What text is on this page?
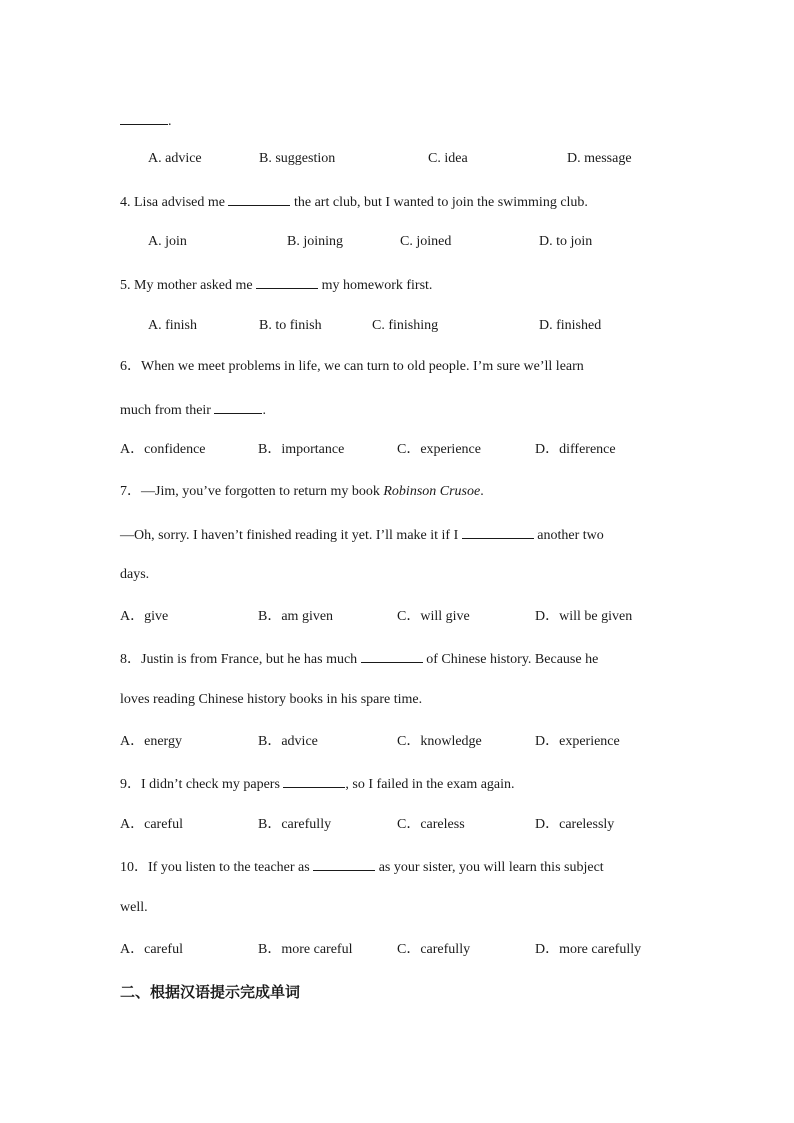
.
A. advice	B. suggestion	C. idea	D. message
4. Lisa advised me	the art club, but I wanted to join the swimming club.
A. join	B. joining	C. joined	D. to join
5. My mother asked me	my homework first.
A. finish	B. to finish	C. finishing	D. finished
6．When we meet problems in life, we can turn to old people. I’m sure we’ll learn
much from their	.
A．confidence	B．importance	C．experience	D．difference
7．—Jim, you’ve forgotten to return my book Robinson Crusoe.
—Oh, sorry. I haven’t finished reading it yet. I’ll make it if I	another two
days.
A．give	B．am given	C．will give	D．will be given
8．Justin is from France, but he has much	of Chinese history. Because he
loves reading Chinese history books in his spare time.
A．energy	B．advice	C．knowledge	D．experience
9．I didn’t check my papers	, so I failed in the exam again.
A．careful	B．carefully	C．careless	D．carelessly
10．If you listen to the teacher as	as your sister, you will learn this subject
well.
A．careful	B．more careful	C．carefully	D．more carefully
二、根据汉语提示完成单词
